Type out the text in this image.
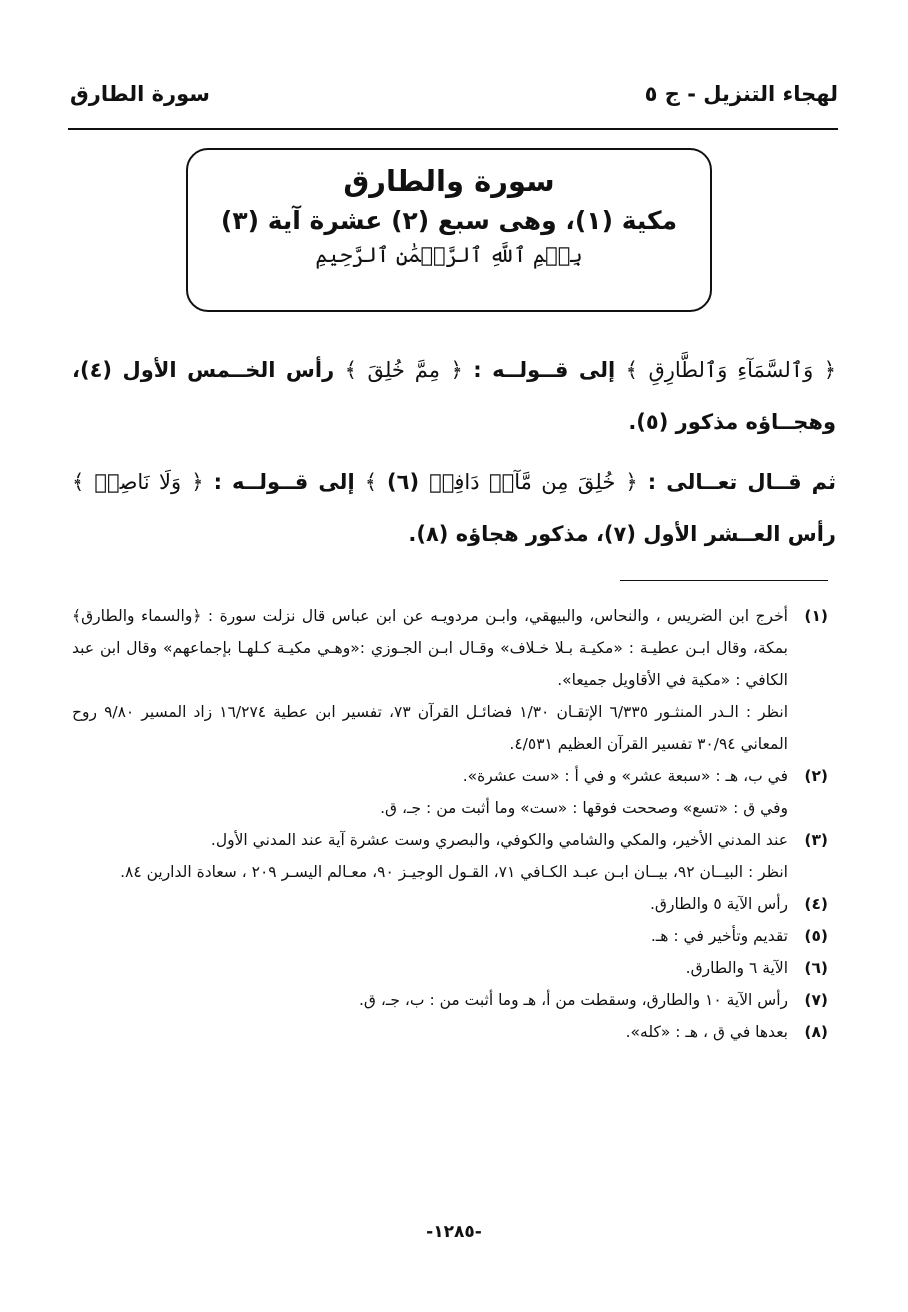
لهجاء التنزيل - ج ٥
سورة الطارق
سورة والطارق
مكية (١)، وهى سبع (٢) عشرة آية (٣)
بِسۡمِ ٱللَّهِ ٱلرَّحۡمَٰنِ ٱلرَّحِيمِ
﴿ وَٱلسَّمَآءِ وَٱلطَّارِقِ ﴾ إلى قــولــه : ﴿ مِمَّ خُلِقَ ﴾ رأس الخــمس الأول (٤)، وهجــاؤه مذكور (٥).
ثم قــال تعــالى : ﴿ خُلِقَ مِن مَّآءٖ دَافِقٖ (٦) ﴾ إلى قــولــه : ﴿ وَلَا نَاصِرٖ ﴾ رأس العــشر الأول (٧)، مذكور هجاؤه (٨).
(١)

أخرج ابن الضريس ، والنحاس، والبيهقي، وابـن مردويـه عن ابن عباس قال نزلت سورة : ﴿والسماء والطارق﴾ بمكة، وقال ابـن عطيـة : «مكيـة بـلا خـلاف» وقـال ابـن الجـوزي :«وهـي مكيـة كـلهـا بإجماعهم» وقال ابن عبد الكافي : «مكية في الأقاويل جميعا».

انظر : الـدر المنثـور ٦/٣٣٥ الإتقـان ١/٣٠ فضائـل القرآن ٧٣، تفسير ابن عطية ١٦/٢٧٤ زاد المسير ٩/٨٠ روح المعاني ٣٠/٩٤ تفسير القرآن العظيم ٤/٥٣١.

(٢)

في ب، هـ : «سبعة عشر» و في أ : «ست عشرة».

وفي ق : «تسع» وصححت فوقها : «ست» وما أثبت من : جـ، ق.

(٣)

عند المدني الأخير، والمكي والشامي والكوفي، والبصري وست عشرة آية عند المدني الأول.

انظر : البيــان ٩٢، بيــان ابـن عبـد الكـافي ٧١، القـول الوجيـز ٩٠، معـالم اليسـر ٢٠٩ ، سعادة الدارين ٨٤.

(٤)

رأس الآية ٥ والطارق.

(٥)

تقديم وتأخير في : هـ.

(٦)

الآية ٦ والطارق.

(٧)

رأس الآية ١٠ والطارق، وسقطت من أ، هـ وما أثبت من : ب، جـ، ق.

(٨)

بعدها في ق ، هـ : «كله».

-١٢٨٥-
